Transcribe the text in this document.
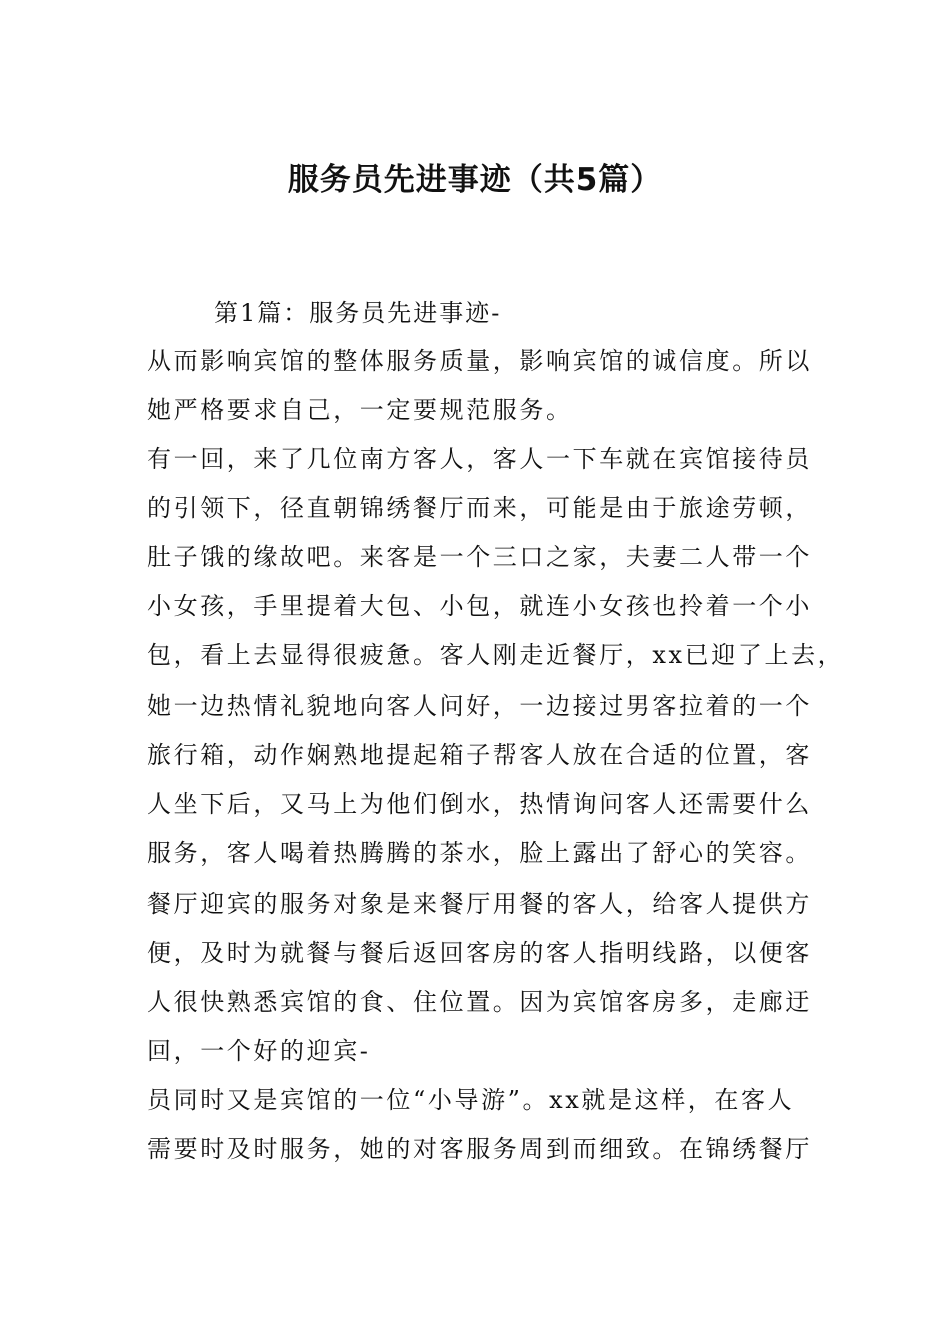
服务员先进事迹（共5篇）
第1篇：服务员先进事迹-
从而影响宾馆的整体服务质量，影响宾馆的诚信度。所以
她严格要求自己，一定要规范服务。
有一回，来了几位南方客人，客人一下车就在宾馆接待员
的引领下，径直朝锦绣餐厅而来，可能是由于旅途劳顿，
肚子饿的缘故吧。来客是一个三口之家，夫妻二人带一个
小女孩，手里提着大包、小包，就连小女孩也拎着一个小
包，看上去显得很疲惫。客人刚走近餐厅，xx已迎了上去，
她一边热情礼貌地向客人问好，一边接过男客拉着的一个
旅行箱，动作娴熟地提起箱子帮客人放在合适的位置，客
人坐下后，又马上为他们倒水，热情询问客人还需要什么
服务，客人喝着热腾腾的茶水，脸上露出了舒心的笑容。
餐厅迎宾的服务对象是来餐厅用餐的客人，给客人提供方
便，及时为就餐与餐后返回客房的客人指明线路，以便客
人很快熟悉宾馆的食、住位置。因为宾馆客房多，走廊迂
回，一个好的迎宾-
员同时又是宾馆的一位“小导游”。xx就是这样，在客人
需要时及时服务，她的对客服务周到而细致。在锦绣餐厅
